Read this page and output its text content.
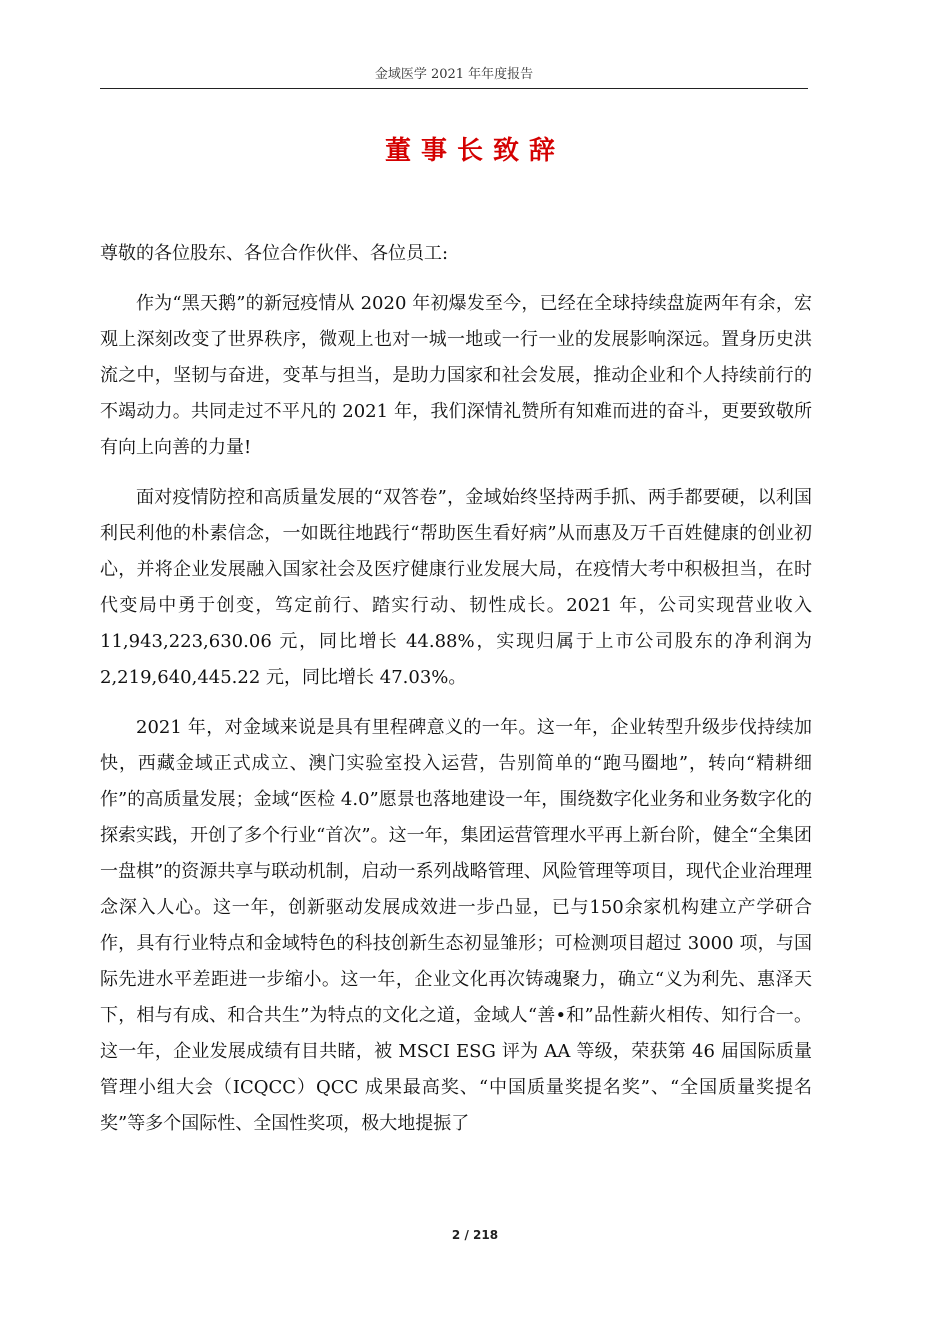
金域医学 2021 年年度报告
董事长致辞

尊敬的各位股东、各位合作伙伴、各位员工:

作为“黑天鹅”的新冠疫情从 2020 年初爆发至今，已经在全球持续盘旋两年有余，宏观上深刻改变了世界秩序，微观上也对一城一地或一行一业的发展影响深远。置身历史洪流之中，坚韧与奋进，变革与担当，是助力国家和社会发展，推动企业和个人持续前行的不竭动力。共同走过不平凡的 2021 年，我们深情礼赞所有知难而进的奋斗，更要致敬所有向上向善的力量!

面对疫情防控和高质量发展的“双答卷”，金域始终坚持两手抓、两手都要硬，以利国利民利他的朴素信念，一如既往地践行“帮助医生看好病”从而惠及万千百姓健康的创业初心，并将企业发展融入国家社会及医疗健康行业发展大局，在疫情大考中积极担当，在时代变局中勇于创变，笃定前行、踏实行动、韧性成长。2021 年，公司实现营业收入 11,943,223,630.06 元，同比增长 44.88%，实现归属于上市公司股东的净利润为 2,219,640,445.22 元，同比增长 47.03%。

2021 年，对金域来说是具有里程碑意义的一年。这一年，企业转型升级步伐持续加快，西藏金域正式成立、澳门实验室投入运营，告别简单的“跑马圈地”，转向“精耕细作”的高质量发展；金域“医检 4.0”愿景也落地建设一年，围绕数字化业务和业务数字化的探索实践，开创了多个行业“首次”。这一年，集团运营管理水平再上新台阶，健全“全集团一盘棋”的资源共享与联动机制，启动一系列战略管理、风险管理等项目，现代企业治理理念深入人心。这一年，创新驱动发展成效进一步凸显，已与150余家机构建立产学研合作，具有行业特点和金域特色的科技创新生态初显雏形；可检测项目超过 3000 项，与国际先进水平差距进一步缩小。这一年，企业文化再次铸魂聚力，确立“义为利先、惠泽天下，相与有成、和合共生”为特点的文化之道，金域人“善•和”品性薪火相传、知行合一。这一年，企业发展成绩有目共睹，被 MSCI ESG 评为 AA 等级，荣获第 46 届国际质量管理小组大会（ICQCC）QCC 成果最高奖、“中国质量奖提名奖”、“全国质量奖提名奖”等多个国际性、全国性奖项，极大地提振了

2 / 218
